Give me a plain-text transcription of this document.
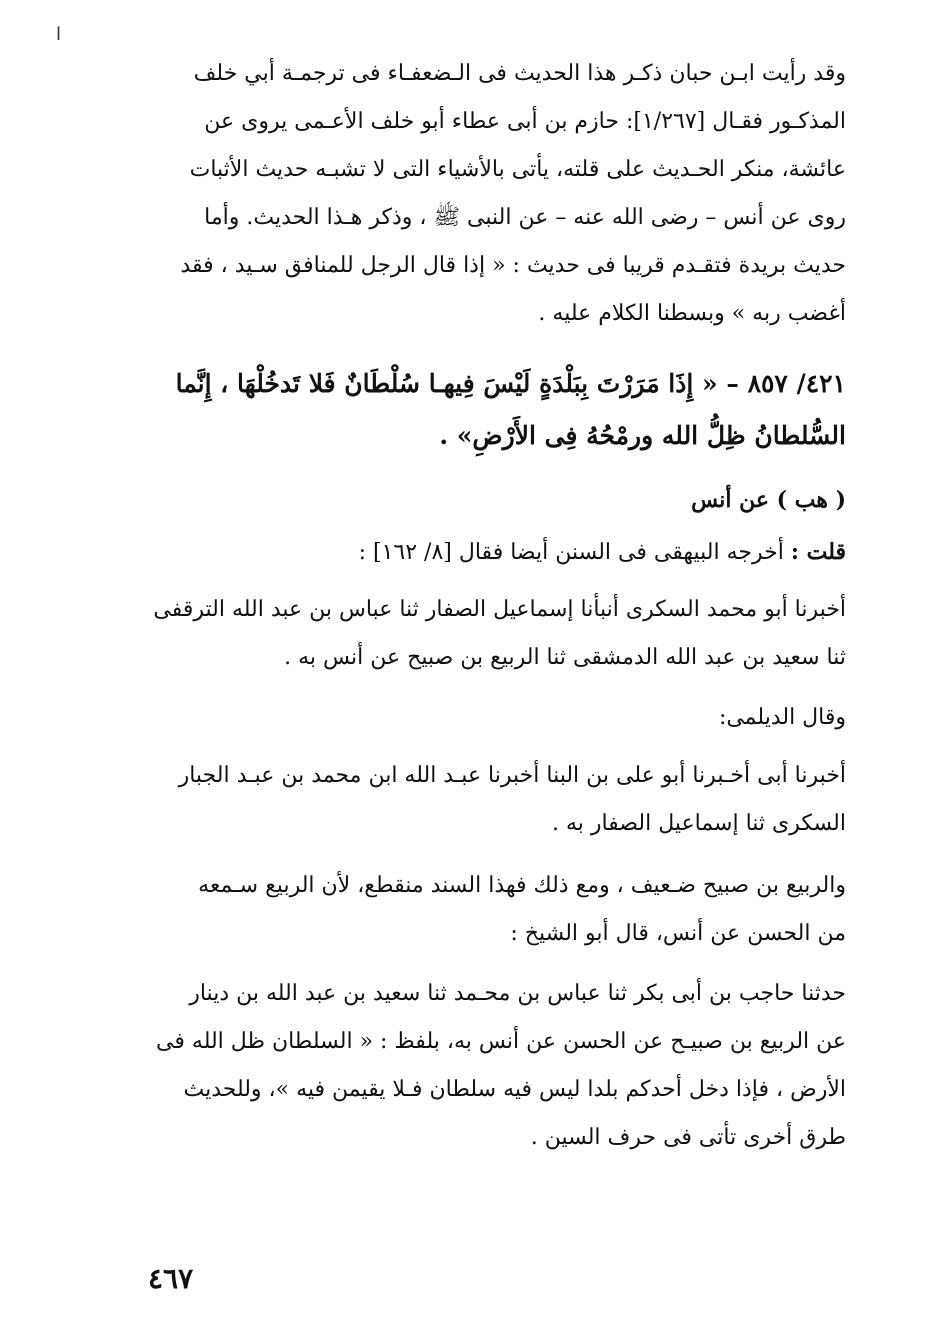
ا
وقد رأيت ابـن حبان ذكـر هذا الحديث فى الـضعفـاء فى ترجمـة أبي خلف
المذكـور فقـال [١/٢٦٧]: حازم بن أبى عطاء أبو خلف الأعـمى يروى عن
عائشة، منكر الحـديث على قلته، يأتى بالأشياء التى لا تشبـه حديث الأثبات
روى عن أنس – رضى الله عنه – عن النبى ﷺ ، وذكر هـذا الحديث. وأما
حديث بريدة فتقـدم قريبا فى حديث : « إذا قال الرجل للمنافق سـيد ، فقد
أغضب ربه » وبسطنا الكلام عليه .
٤٢١/ ٨٥٧ – « إِذَا مَرَرْتَ بِبَلْدَةٍ لَيْسَ فِيهـا سُلْطَانٌ فَلا تَدخُلْهَا ، إِنَّما
السُّلطانُ ظِلُّ الله ورمْحُهُ فِى الأَرْضِ» .
( هب ) عن أنس
قلت : أخرجه البيهقى فى السنن أيضا فقال [٨/ ١٦٢] :
أخبرنا أبو محمد السكرى أنبأنا إسماعيل الصفار ثنا عباس بن عبد الله الترقفى
ثنا سعيد بن عبد الله الدمشقى ثنا الربيع بن صبيح عن أنس به .
وقال الديلمى:
أخبرنا أبى أخـبرنا أبو على بن البنا أخبرنا عبـد الله ابن محمد بن عبـد الجبار
السكرى ثنا إسماعيل الصفار به .
والربيع بن صبيح ضـعيف ، ومع ذلك فهذا السند منقطع، لأن الربيع سـمعه
من الحسن عن أنس، قال أبو الشيخ :
حدثنا حاجب بن أبى بكر ثنا عباس بن محـمد ثنا سعيد بن عبد الله بن دينار
عن الربيع بن صبيـح عن الحسن عن أنس به، بلفظ : « السلطان ظل الله فى
الأرض ، فإذا دخل أحدكم بلدا ليس فيه سلطان فـلا يقيمن فيه »، وللحديث
طرق أخرى تأتى فى حرف السين .
٤٦٧
